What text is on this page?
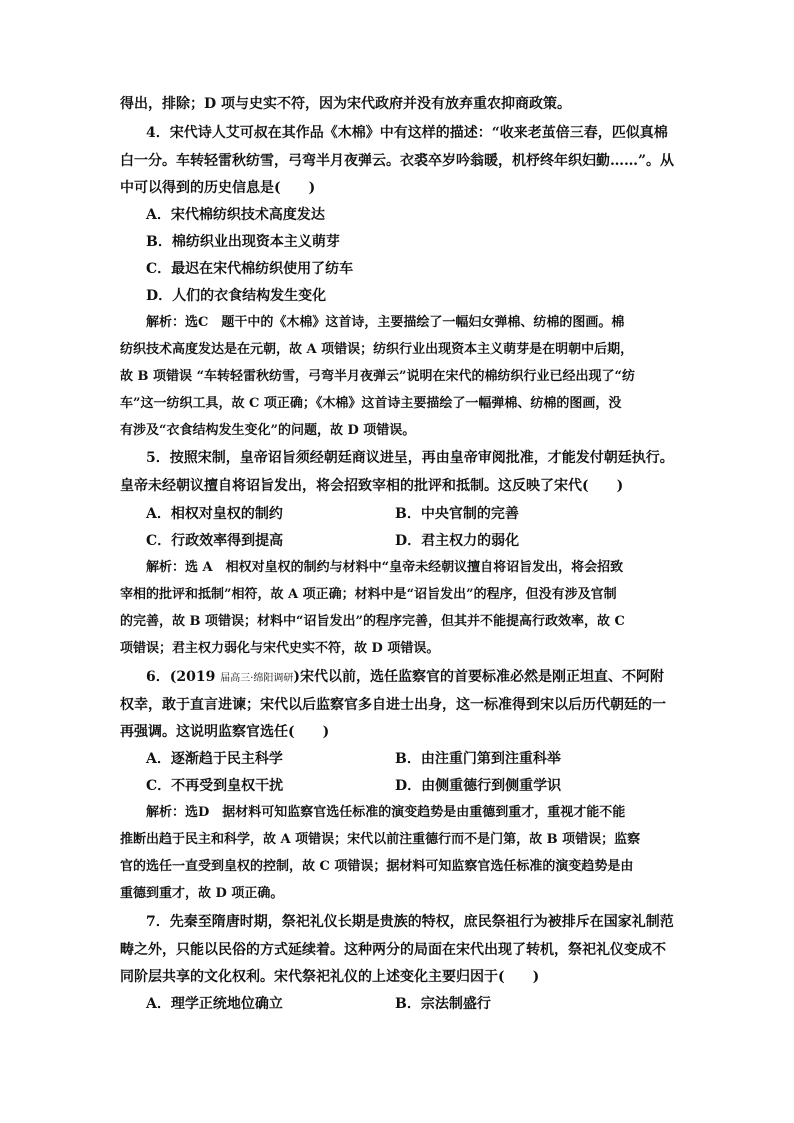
得出，排除；D 项与史实不符，因为宋代政府并没有放弃重农抑商政策。
4．宋代诗人艾可叔在其作品《木棉》中有这样的描述：“收来老茧倍三春，匹似真棉
白一分。车转轻雷秋纺雪，弓弯半月夜弹云。衣裘卒岁吟翁暖，机杼终年织妇勤……”。从
中可以得到的历史信息是(　　)
A．宋代棉纺织技术高度发达
B．棉纺织业出现资本主义萌芽
C．最迟在宋代棉纺织使用了纺车
D．人们的衣食结构发生变化
解析：选C　题干中的《木棉》这首诗，主要描绘了一幅妇女弹棉、纺棉的图画。棉
纺织技术高度发达是在元朝，故 A 项错误；纺织行业出现资本主义萌芽是在明朝中后期，
故 B 项错误 “车转轻雷秋纺雪，弓弯半月夜弹云”说明在宋代的棉纺织行业已经出现了“纺
车”这一纺织工具，故 C 项正确；《木棉》这首诗主要描绘了一幅弹棉、纺棉的图画，没
有涉及“衣食结构发生变化”的问题，故 D 项错误。
5．按照宋制，皇帝诏旨须经朝廷商议进呈，再由皇帝审阅批准，才能发付朝廷执行。
皇帝未经朝议擅自将诏旨发出，将会招致宰相的批评和抵制。这反映了宋代(　　)
A．相权对皇权的制约	B．中央官制的完善
C．行政效率得到提高	D．君主权力的弱化
解析：选 A　相权对皇权的制约与材料中“皇帝未经朝议擅自将诏旨发出，将会招致
宰相的批评和抵制”相符，故 A 项正确；材料中是“诏旨发出”的程序，但没有涉及官制
的完善，故 B 项错误；材料中“诏旨发出”的程序完善，但其并不能提高行政效率，故 C
项错误；君主权力弱化与宋代史实不符，故 D 项错误。
6．(2019 届高三·绵阳调研)宋代以前，选任监察官的首要标准必然是刚正坦直、不阿附
权幸，敢于直言进谏；宋代以后监察官多自进士出身，这一标准得到宋以后历代朝廷的一
再强调。这说明监察官选任(　　)
A．逐渐趋于民主科学	B．由注重门第到注重科举
C．不再受到皇权干扰	D．由侧重德行到侧重学识
解析：选D　据材料可知监察官选任标准的演变趋势是由重德到重才，重视才能不能
推断出趋于民主和科学，故 A 项错误；宋代以前注重德行而不是门第，故 B 项错误；监察
官的选任一直受到皇权的控制，故 C 项错误；据材料可知监察官选任标准的演变趋势是由
重德到重才，故 D 项正确。
7．先秦至隋唐时期，祭祀礼仪长期是贵族的特权，庶民祭祖行为被排斥在国家礼制范
畴之外，只能以民俗的方式延续着。这种两分的局面在宋代出现了转机，祭祀礼仪变成不
同阶层共享的文化权利。宋代祭祀礼仪的上述变化主要归因于(　　)
A．理学正统地位确立	B．宗法制盛行
